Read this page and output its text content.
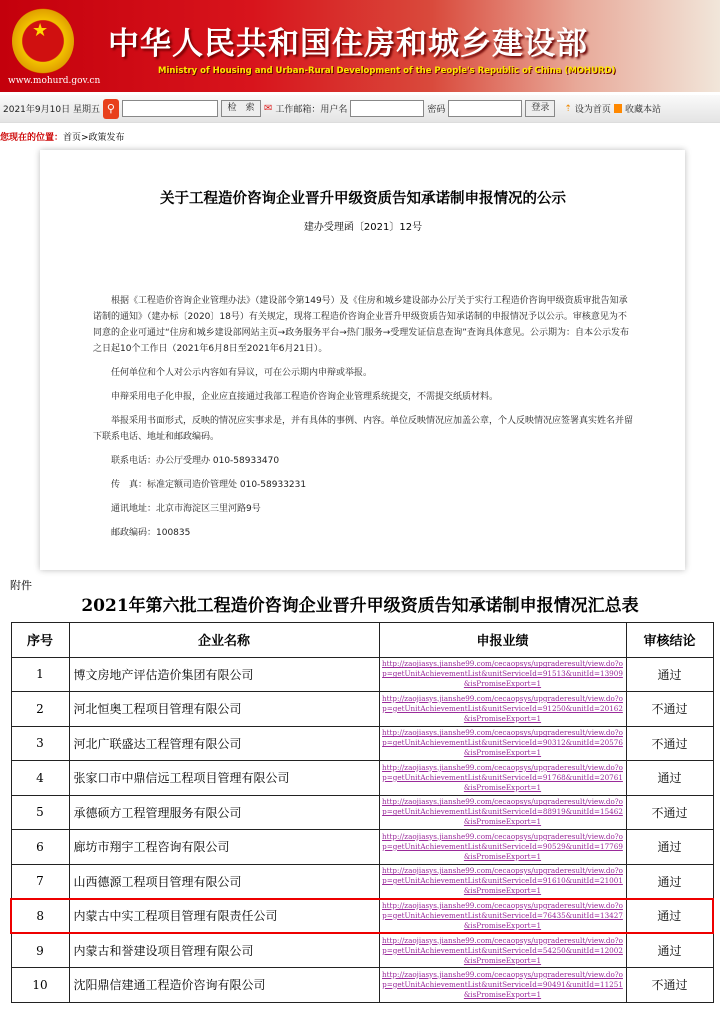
★
www.mohurd.gov.cn
中华人民共和国住房和城乡建设部
Ministry of Housing and Urban-Rural Development of the People's Republic of China (MOHURD)
2021年9月10日 星期五 ⚲	检　索 ✉ 工作邮箱：用户名	密码	登录	⇡ 设为首页 收藏本站
您现在的位置：首页>政策发布
关于工程造价咨询企业晋升甲级资质告知承诺制申报情况的公示
建办受理函〔2021〕12号

根据《工程造价咨询企业管理办法》（建设部令第149号）及《住房和城乡建设部办公厅关于实行工程造价咨询甲级资质审批告知承诺制的通知》（建办标〔2020〕18号）有关规定，现将工程造价咨询企业晋升甲级资质告知承诺制的申报情况予以公示。审核意见为不同意的企业可通过“住房和城乡建设部网站主页→政务服务平台→热门服务→受理发证信息查询”查询具体意见。公示期为：自本公示发布之日起10个工作日（2021年6月8日至2021年6月21日）。

任何单位和个人对公示内容如有异议，可在公示期内申辩或举报。

申辩采用电子化申报，企业应直接通过我部工程造价咨询企业管理系统提交，不需提交纸质材料。

举报采用书面形式，反映的情况应实事求是，并有具体的事例、内容。单位反映情况应加盖公章，个人反映情况应签署真实姓名并留下联系电话、地址和邮政编码。

联系电话：办公厅受理办 010-58933470

传　真：标准定额司造价管理处 010-58933231

通讯地址：北京市海淀区三里河路9号

邮政编码：100835

附件
2021年第六批工程造价咨询企业晋升甲级资质告知承诺制申报情况汇总表
序号	企业名称	申报业绩	审核结论
1	博文房地产评估造价集团有限公司	http://zaojiasys.jianshe99.com/cecaopsys/upgraderesult/view.do?op=getUnitAchievementList&unitServiceId=91513&unitId=13909&isPromiseExport=1	通过
2	河北恒奥工程项目管理有限公司	http://zaojiasys.jianshe99.com/cecaopsys/upgraderesult/view.do?op=getUnitAchievementList&unitServiceId=91250&unitId=20162&isPromiseExport=1	不通过
3	河北广联盛达工程管理有限公司	http://zaojiasys.jianshe99.com/cecaopsys/upgraderesult/view.do?op=getUnitAchievementList&unitServiceId=90312&unitId=20576&isPromiseExport=1	不通过
4	张家口市中鼎信远工程项目管理有限公司	http://zaojiasys.jianshe99.com/cecaopsys/upgraderesult/view.do?op=getUnitAchievementList&unitServiceId=91768&unitId=20761&isPromiseExport=1	通过
5	承德硕方工程管理服务有限公司	http://zaojiasys.jianshe99.com/cecaopsys/upgraderesult/view.do?op=getUnitAchievementList&unitServiceId=88919&unitId=15462&isPromiseExport=1	不通过
6	廊坊市翔宇工程咨询有限公司	http://zaojiasys.jianshe99.com/cecaopsys/upgraderesult/view.do?op=getUnitAchievementList&unitServiceId=90529&unitId=17769&isPromiseExport=1	通过
7	山西德源工程项目管理有限公司	http://zaojiasys.jianshe99.com/cecaopsys/upgraderesult/view.do?op=getUnitAchievementList&unitServiceId=91610&unitId=21001&isPromiseExport=1	通过
8	内蒙古中实工程项目管理有限责任公司	http://zaojiasys.jianshe99.com/cecaopsys/upgraderesult/view.do?op=getUnitAchievementList&unitServiceId=76435&unitId=13427&isPromiseExport=1	通过
9	内蒙古和誉建设项目管理有限公司	http://zaojiasys.jianshe99.com/cecaopsys/upgraderesult/view.do?op=getUnitAchievementList&unitServiceId=54250&unitId=12002&isPromiseExport=1	通过
10	沈阳鼎信建通工程造价咨询有限公司	http://zaojiasys.jianshe99.com/cecaopsys/upgraderesult/view.do?op=getUnitAchievementList&unitServiceId=90491&unitId=11251&isPromiseExport=1	不通过
